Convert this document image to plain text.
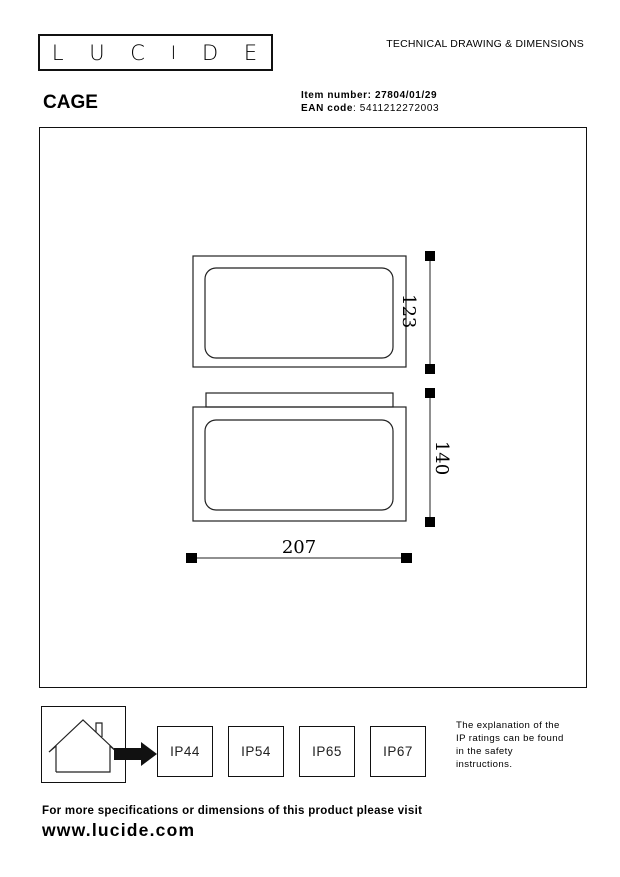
L U C I D E	TECHNICAL DRAWING & DIMENSIONS
CAGE	Item number: 27804/01/29
EAN code: 5411212272003
123
140
207
IP44	IP54	IP65	IP67
The explanation of the
IP ratings can be found
in the safety
instructions.
For more specifications or dimensions of this product please visit
www.lucide.com
